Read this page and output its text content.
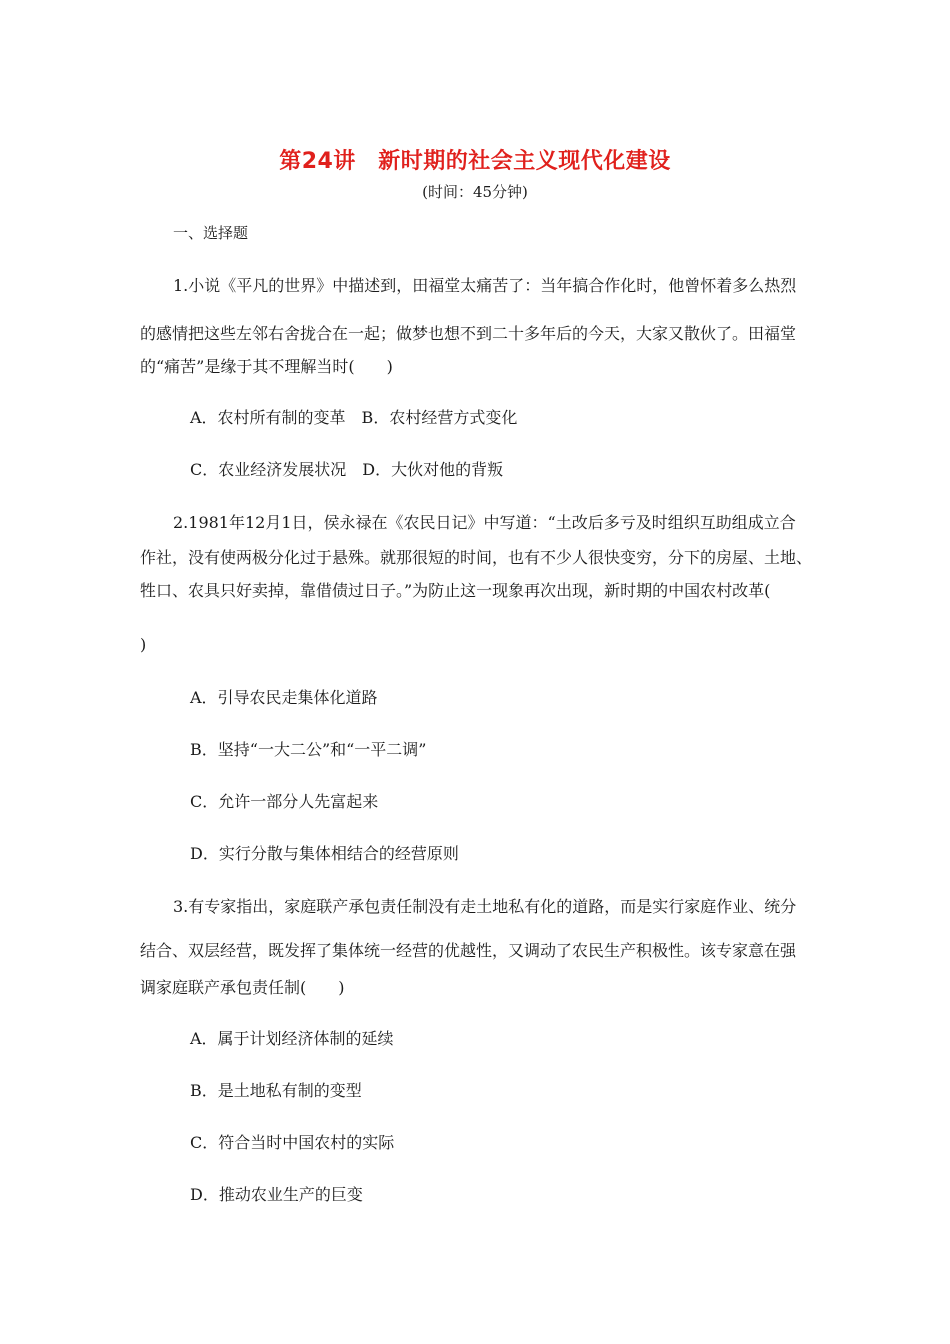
第24讲　新时期的社会主义现代化建设
(时间：45分钟)
一、选择题
1.小说《平凡的世界》中描述到，田福堂太痛苦了：当年搞合作化时，他曾怀着多么热烈
的感情把这些左邻右舍拢合在一起；做梦也想不到二十多年后的今天，大家又散伙了。田福堂
的“痛苦”是缘于其不理解当时(　　)
A．农村所有制的变革　B．农村经营方式变化
C．农业经济发展状况　D．大伙对他的背叛
2.1981年12月1日，侯永禄在《农民日记》中写道：“土改后多亏及时组织互助组成立合
作社，没有使两极分化过于悬殊。就那很短的时间，也有不少人很快变穷，分下的房屋、土地、
牲口、农具只好卖掉，靠借债过日子。”为防止这一现象再次出现，新时期的中国农村改革(
)
A．引导农民走集体化道路
B．坚持“一大二公”和“一平二调”
C．允许一部分人先富起来
D．实行分散与集体相结合的经营原则
3.有专家指出，家庭联产承包责任制没有走土地私有化的道路，而是实行家庭作业、统分
结合、双层经营，既发挥了集体统一经营的优越性，又调动了农民生产积极性。该专家意在强
调家庭联产承包责任制(　　)
A．属于计划经济体制的延续
B．是土地私有制的变型
C．符合当时中国农村的实际
D．推动农业生产的巨变
